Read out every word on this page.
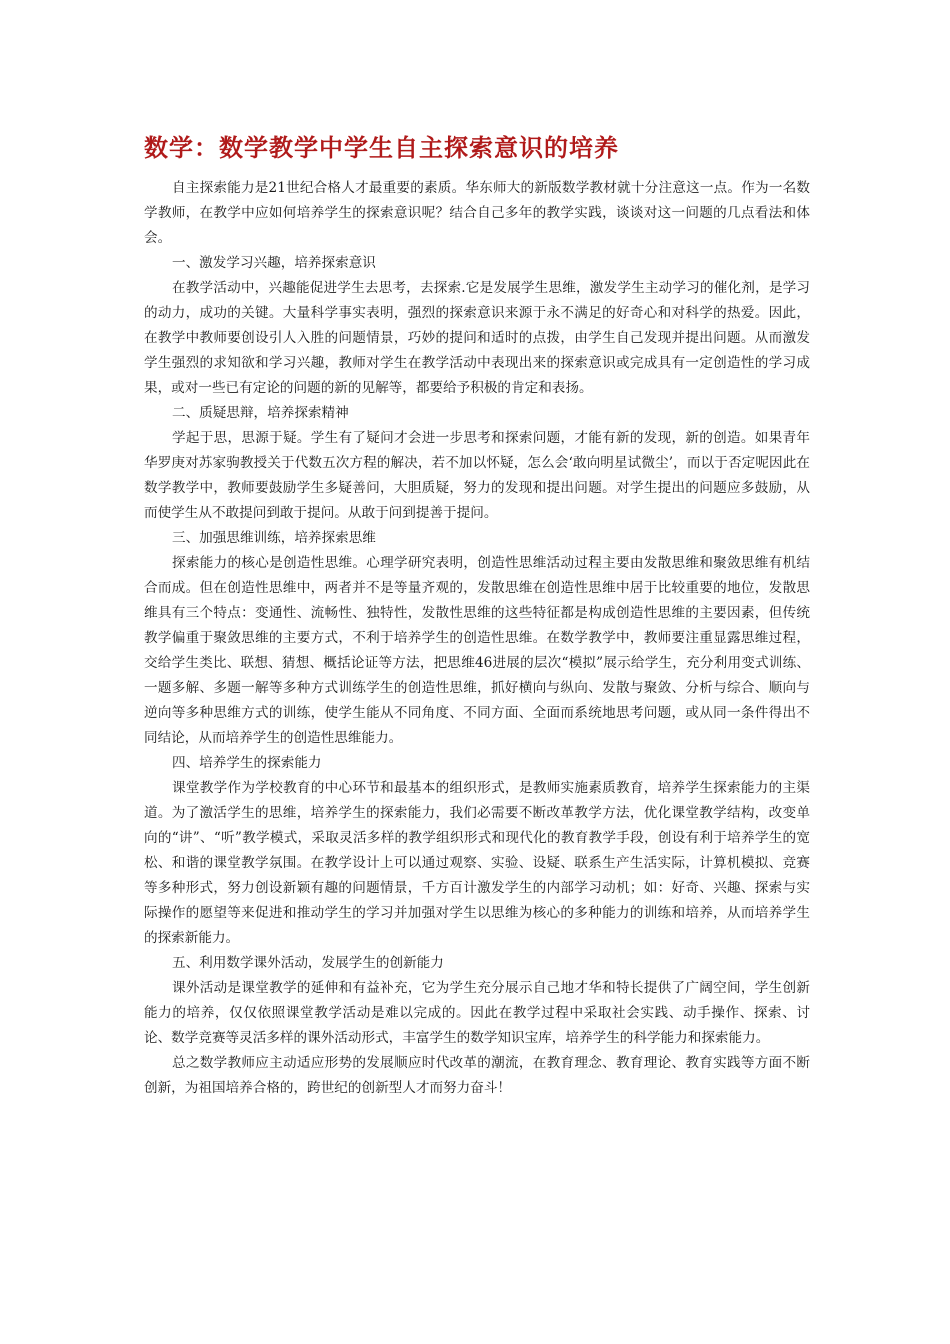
数学：数学教学中学生自主探索意识的培养

自主探索能力是21世纪合格人才最重要的素质。华东师大的新版数学教材就十分注意这一点。作为一名数学教师，在教学中应如何培养学生的探索意识呢？结合自己多年的教学实践，谈谈对这一问题的几点看法和体会。

一、激发学习兴趣，培养探索意识

在教学活动中，兴趣能促进学生去思考，去探索.它是发展学生思维，激发学生主动学习的催化剂，是学习的动力，成功的关键。大量科学事实表明，强烈的探索意识来源于永不满足的好奇心和对科学的热爱。因此，在教学中教师要创设引人入胜的问题情景，巧妙的提问和适时的点拨，由学生自己发现并提出问题。从而激发学生强烈的求知欲和学习兴趣，教师对学生在教学活动中表现出来的探索意识或完成具有一定创造性的学习成果，或对一些已有定论的问题的新的见解等，都要给予积极的肯定和表扬。

二、质疑思辩，培养探索精神

学起于思，思源于疑。学生有了疑问才会进一步思考和探索问题，才能有新的发现，新的创造。如果青年华罗庚对苏家驹教授关于代数五次方程的解决，若不加以怀疑，怎么会‘敢向明星试微尘’，而以于否定呢因此在数学教学中，教师要鼓励学生多疑善问，大胆质疑，努力的发现和提出问题。对学生提出的问题应多鼓励，从而使学生从不敢提问到敢于提问。从敢于问到提善于提问。

三、加强思维训练，培养探索思维

探索能力的核心是创造性思维。心理学研究表明，创造性思维活动过程主要由发散思维和聚敛思维有机结合而成。但在创造性思维中，两者并不是等量齐观的，发散思维在创造性思维中居于比较重要的地位，发散思维具有三个特点：变通性、流畅性、独特性，发散性思维的这些特征都是构成创造性思维的主要因素，但传统教学偏重于聚敛思维的主要方式，不利于培养学生的创造性思维。在数学教学中，教师要注重显露思维过程，交给学生类比、联想、猜想、概括论证等方法，把思维46进展的层次“模拟”展示给学生，充分利用变式训练、一题多解、多题一解等多种方式训练学生的创造性思维，抓好横向与纵向、发散与聚敛、分析与综合、顺向与逆向等多种思维方式的训练，使学生能从不同角度、不同方面、全面而系统地思考问题，或从同一条件得出不同结论，从而培养学生的创造性思维能力。

四、培养学生的探索能力

课堂教学作为学校教育的中心环节和最基本的组织形式，是教师实施素质教育，培养学生探索能力的主渠道。为了激活学生的思维，培养学生的探索能力，我们必需要不断改革教学方法，优化课堂教学结构，改变单向的“讲”、“听”教学模式，采取灵活多样的教学组织形式和现代化的教育教学手段，创设有利于培养学生的宽松、和谐的课堂教学氛围。在教学设计上可以通过观察、实验、设疑、联系生产生活实际，计算机模拟、竞赛等多种形式，努力创设新颖有趣的问题情景，千方百计激发学生的内部学习动机；如：好奇、兴趣、探索与实际操作的愿望等来促进和推动学生的学习并加强对学生以思维为核心的多种能力的训练和培养，从而培养学生的探索新能力。

五、利用数学课外活动，发展学生的创新能力

课外活动是课堂教学的延伸和有益补充，它为学生充分展示自己地才华和特长提供了广阔空间，学生创新能力的培养，仅仅依照课堂教学活动是难以完成的。因此在教学过程中采取社会实践、动手操作、探索、讨论、数学竞赛等灵活多样的课外活动形式，丰富学生的数学知识宝库，培养学生的科学能力和探索能力。

总之数学教师应主动适应形势的发展顺应时代改革的潮流，在教育理念、教育理论、教育实践等方面不断创新，为祖国培养合格的，跨世纪的创新型人才而努力奋斗！
